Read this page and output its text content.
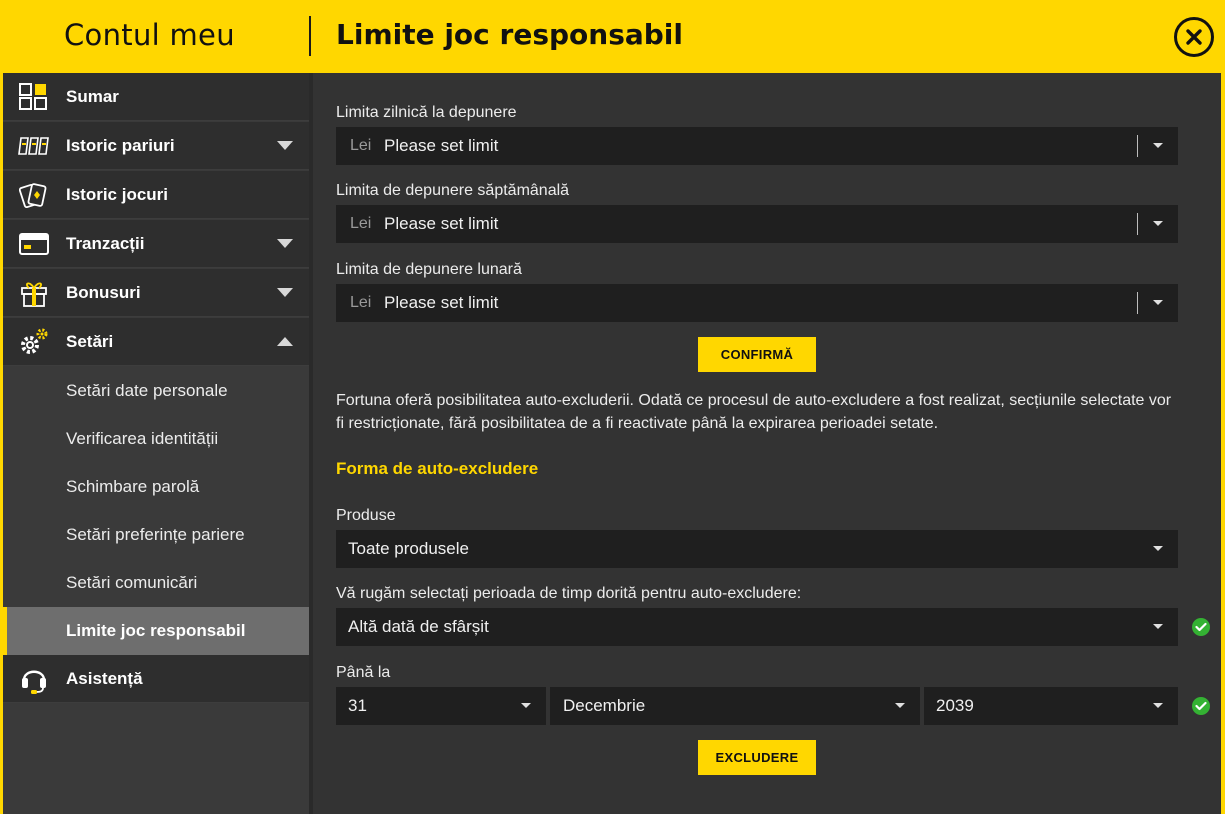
Contul meu	Limite joc responsabil
Sumar
Istoric pariuri
Istoric jocuri
Tranzacții
Bonusuri
Setări
Setări date personale
Verificarea identității
Schimbare parolă
Setări preferințe pariere
Setări comunicări
Limite joc responsabil
Asistență
Limita zilnică la depunere
Lei Please set limit
Limita de depunere săptămânală
Lei Please set limit
Limita de depunere lunară
Lei Please set limit
CONFIRMĂ
Fortuna oferă posibilitatea auto-excluderii. Odată ce procesul de auto-excludere a fost realizat, secțiunile selectate vor fi restricționate, fără posibilitatea de a fi reactivate până la expirarea perioadei setate.
Forma de auto-excludere
Produse
Toate produsele
Vă rugăm selectați perioada de timp dorită pentru auto-excludere:
Altă dată de sfârșit
Până la
31	Decembrie	2039
EXCLUDERE
